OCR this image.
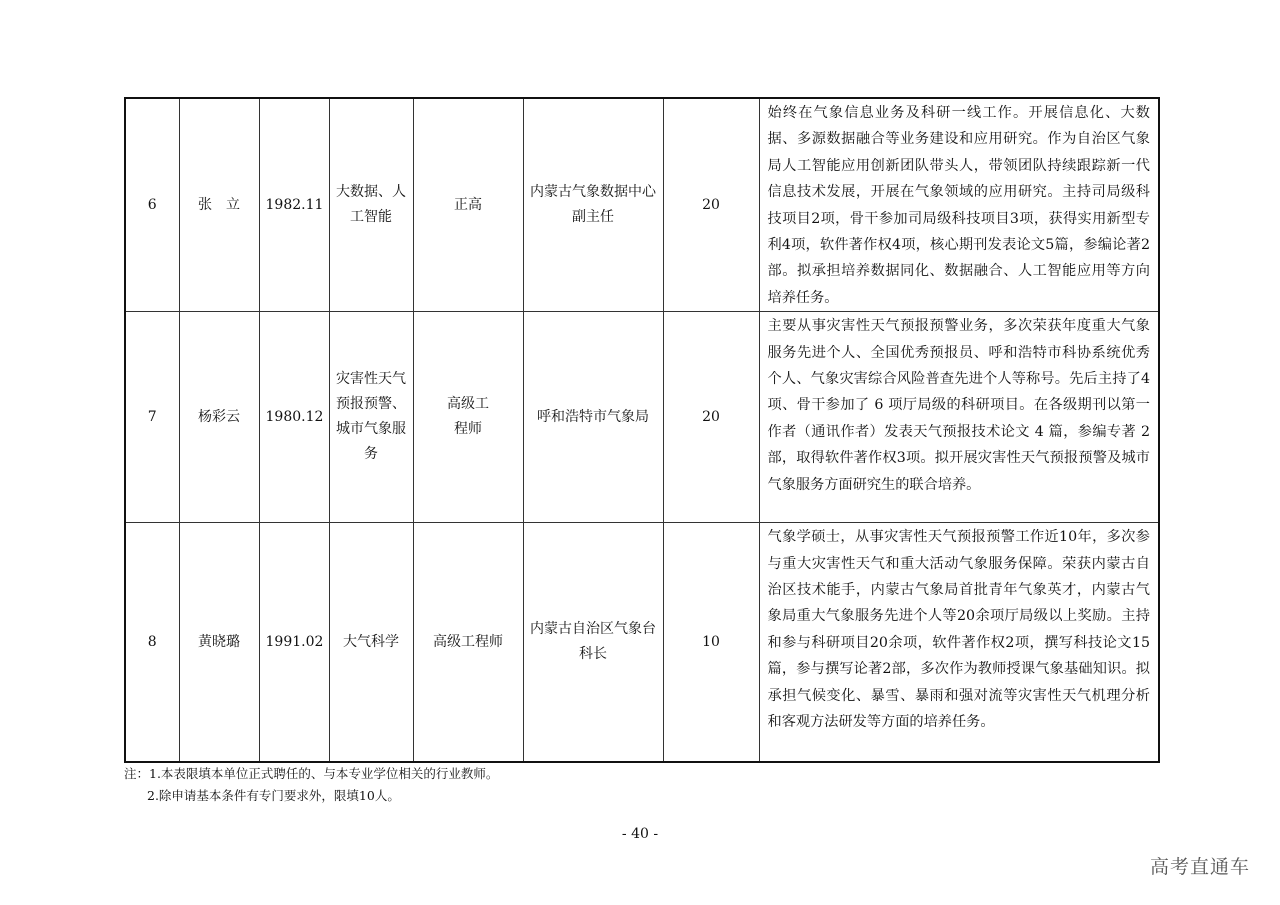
6	张　立	1982.11	大数据、人工智能	正高	内蒙古气象数据中心副主任	20	始终在气象信息业务及科研一线工作。开展信息化、大数据、多源数据融合等业务建设和应用研究。作为自治区气象局人工智能应用创新团队带头人，带领团队持续跟踪新一代信息技术发展，开展在气象领域的应用研究。主持司局级科技项目2项，骨干参加司局级科技项目3项，获得实用新型专利4项，软件著作权4项，核心期刊发表论文5篇，参编论著2部。拟承担培养数据同化、数据融合、人工智能应用等方向培养任务。
7	杨彩云	1980.12	灾害性天气预报预警、城市气象服务	高级工程师	呼和浩特市气象局	20	主要从事灾害性天气预报预警业务，多次荣获年度重大气象服务先进个人、全国优秀预报员、呼和浩特市科协系统优秀个人、气象灾害综合风险普查先进个人等称号。先后主持了4项、骨干参加了 6 项厅局级的科研项目。在各级期刊以第一作者（通讯作者）发表天气预报技术论文 4 篇，参编专著 2 部，取得软件著作权3项。拟开展灾害性天气预报预警及城市气象服务方面研究生的联合培养。
8	黄晓璐	1991.02	大气科学	高级工程师	内蒙古自治区气象台科长	10	气象学硕士，从事灾害性天气预报预警工作近10年，多次参与重大灾害性天气和重大活动气象服务保障。荣获内蒙古自治区技术能手，内蒙古气象局首批青年气象英才，内蒙古气象局重大气象服务先进个人等20余项厅局级以上奖励。主持和参与科研项目20余项，软件著作权2项，撰写科技论文15篇，参与撰写论著2部，多次作为教师授课气象基础知识。拟承担气候变化、暴雪、暴雨和强对流等灾害性天气机理分析和客观方法研发等方面的培养任务。
注：1.本表限填本单位正式聘任的、与本专业学位相关的行业教师。
2.除申请基本条件有专门要求外，限填10人。
- 40 -
高考直通车
